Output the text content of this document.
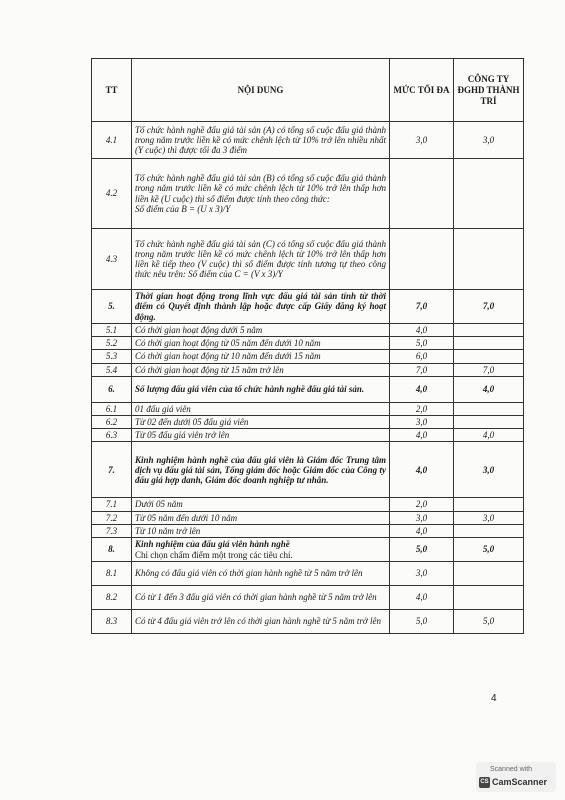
TT	NỘI DUNG	MỨC TỐI ĐA	CÔNG TY ĐGHD THÀNH TRÍ
4.1	Tổ chức hành nghề đấu giá tài sản (A) có tổng số cuộc đấu giá thành trong năm trước liền kề có mức chênh lệch từ 10% trở lên nhiều nhất (Y cuộc) thì được tối đa 3 điểm	3,0	3,0
4.2	Tổ chức hành nghề đấu giá tài sản (B) có tổng số cuộc đấu giá thành trong năm trước liền kề có mức chênh lệch từ 10% trở lên thấp hơn liền kề (U cuộc) thì số điểm được tính theo công thức:
Số điểm của B = (U x 3)/Y		
4.3	Tổ chức hành nghề đấu giá tài sản (C) có tổng số cuộc đấu giá thành trong năm trước liền kề có mức chênh lệch từ 10% trở lên thấp hơn liền kề tiếp theo (V cuộc) thì số điểm được tính tương tự theo công thức nêu trên: Số điểm của C = (V x 3)/Y		
5.	Thời gian hoạt động trong lĩnh vực đấu giá tài sản tính từ thời điểm có Quyết định thành lập hoặc được cấp Giấy đăng ký hoạt động.	7,0	7,0
5.1	Có thời gian hoạt động dưới 5 năm	4,0	
5.2	Có thời gian hoạt động từ 05 năm đến dưới 10 năm	5,0	
5.3	Có thời gian hoạt động từ 10 năm đến dưới 15 năm	6,0	
5.4	Có thời gian hoạt động từ 15 năm trở lên	7,0	7,0
6.	Số lượng đấu giá viên của tổ chức hành nghề đấu giá tài sản.	4,0	4,0
6.1	01 đấu giá viên	2,0	
6.2	Từ 02 đến dưới 05 đấu giá viên	3,0	
6.3	Từ 05 đấu giá viên trở lên	4,0	4,0
7.	Kinh nghiệm hành nghề của đấu giá viên là Giám đốc Trung tâm dịch vụ đấu giá tài sản, Tổng giám đốc hoặc Giám đốc của Công ty đấu giá hợp danh, Giám đốc doanh nghiệp tư nhân.	4,0	3,0
7.1	Dưới 05 năm	2,0	
7.2	Từ 05 năm đến dưới 10 năm	3,0	3,0
7.3	Từ 10 năm trở lên	4,0	
8.	Kinh nghiệm của đấu giá viên hành nghề
Chỉ chọn chấm điểm một trong các tiêu chí.	5,0	5,0
8.1	Không có đấu giá viên có thời gian hành nghề từ 5 năm trở lên	3,0	
8.2	Có từ 1 đến 3 đấu giá viên có thời gian hành nghề từ 5 năm trở lên	4,0	
8.3	Có từ 4 đấu giá viên trở lên có thời gian hành nghề từ 5 năm trở lên	5,0	5,0
4
Scanned with
CS CamScanner
